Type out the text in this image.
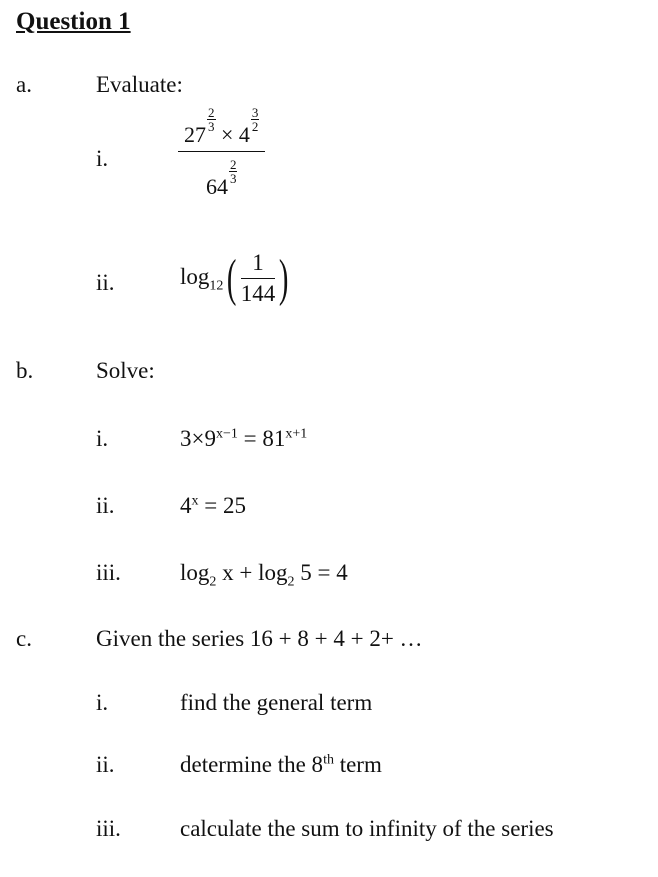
Question 1
a.	Evaluate:
i.	27
$\frac{2}{3}$
× 4
$\frac{3}{2}$
64
$\frac{2}{3}$
ii.	$\log_{12}( \frac{1}{144}$ )
b.	Solve:
i.	$3\times 9^{x-1} = 81^{x+1}$
ii.	$4^x = 25$
iii.	$\log_2 x + \log_2 5 = 4$
c.	Given the series 16 + 8 + 4 + 2+ …
i.	find the general term
ii.	determine the 8th term
iii.	calculate the sum to infinity of the series
